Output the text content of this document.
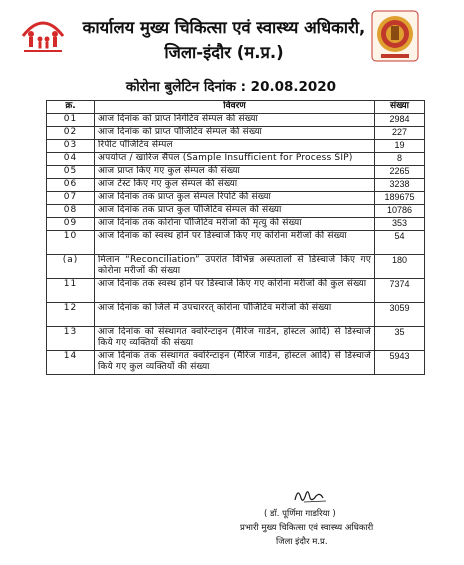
कार्यालय मुख्य चिकित्सा एवं स्वास्थ्य अधिकारी,
जिला-इंदौर (म.प्र.)
कोरोना बुलेटिन दिनांक : 20.08.2020
क्र.	विवरण	संख्या
01	आज दिनांक को प्राप्त निगेटिव सेम्पल की संख्या	2984
02	आज दिनांक को प्राप्त पॉजिटिव सेम्पल की संख्या	227
03	रिपीट पॉजिटिव सेम्पल	19
04	अपर्याप्त / खारिज सैंपल (Sample Insufficient for Process SIP)	8
05	आज प्राप्त किए गए कुल सेम्पल की संख्या	2265
06	आज टेस्ट किए गए कुल सेम्पल की संख्या	3238
07	आज दिनांक तक प्राप्त कुल सेम्पल रिपोर्ट की संख्या	189675
08	आज दिनांक तक प्राप्त कुल पॉजिटिव सेम्पल की संख्या	10786
09	आज दिनांक तक कोरोना पॉजिटिव मरीजों की मृत्यु की संख्या	353
10	आज दिनांक को स्वस्थ होने पर डिस्चार्ज किए गए कोरोना मरीजों की संख्या	54
(a)	मिलान “Reconciliation” उपरांत विभिन्न अस्पतालों से डिस्चार्ज किए गए कोरोना मरीजों की संख्या	180
11	आज दिनांक तक स्वस्थ होने पर डिस्चार्ज किए गए कोरोना मरीजों की कुल संख्या	7374
12	आज दिनांक को जिले में उपचाररत् कोरोना पॉजिटिव मरीजों की संख्या	3059
13	आज दिनांक को संस्थागत क्वोरेन्टाइन (मैरिज गार्डन, होस्टल आदि) से डिस्चार्ज किये गए व्यक्तियों की संख्या	35
14	आज दिनांक तक संस्थागत क्वोरेन्टाइन (मैरिज गार्डन, होस्टल आदि) से डिस्चार्ज किये गए कुल व्यक्तियों की संख्या	5943
( डॉ. पूर्णिमा गाडरिया )
प्रभारी मुख्य चिकित्सा एवं स्वास्थ्य अधिकारी
जिला इंदौर म.प्र.
